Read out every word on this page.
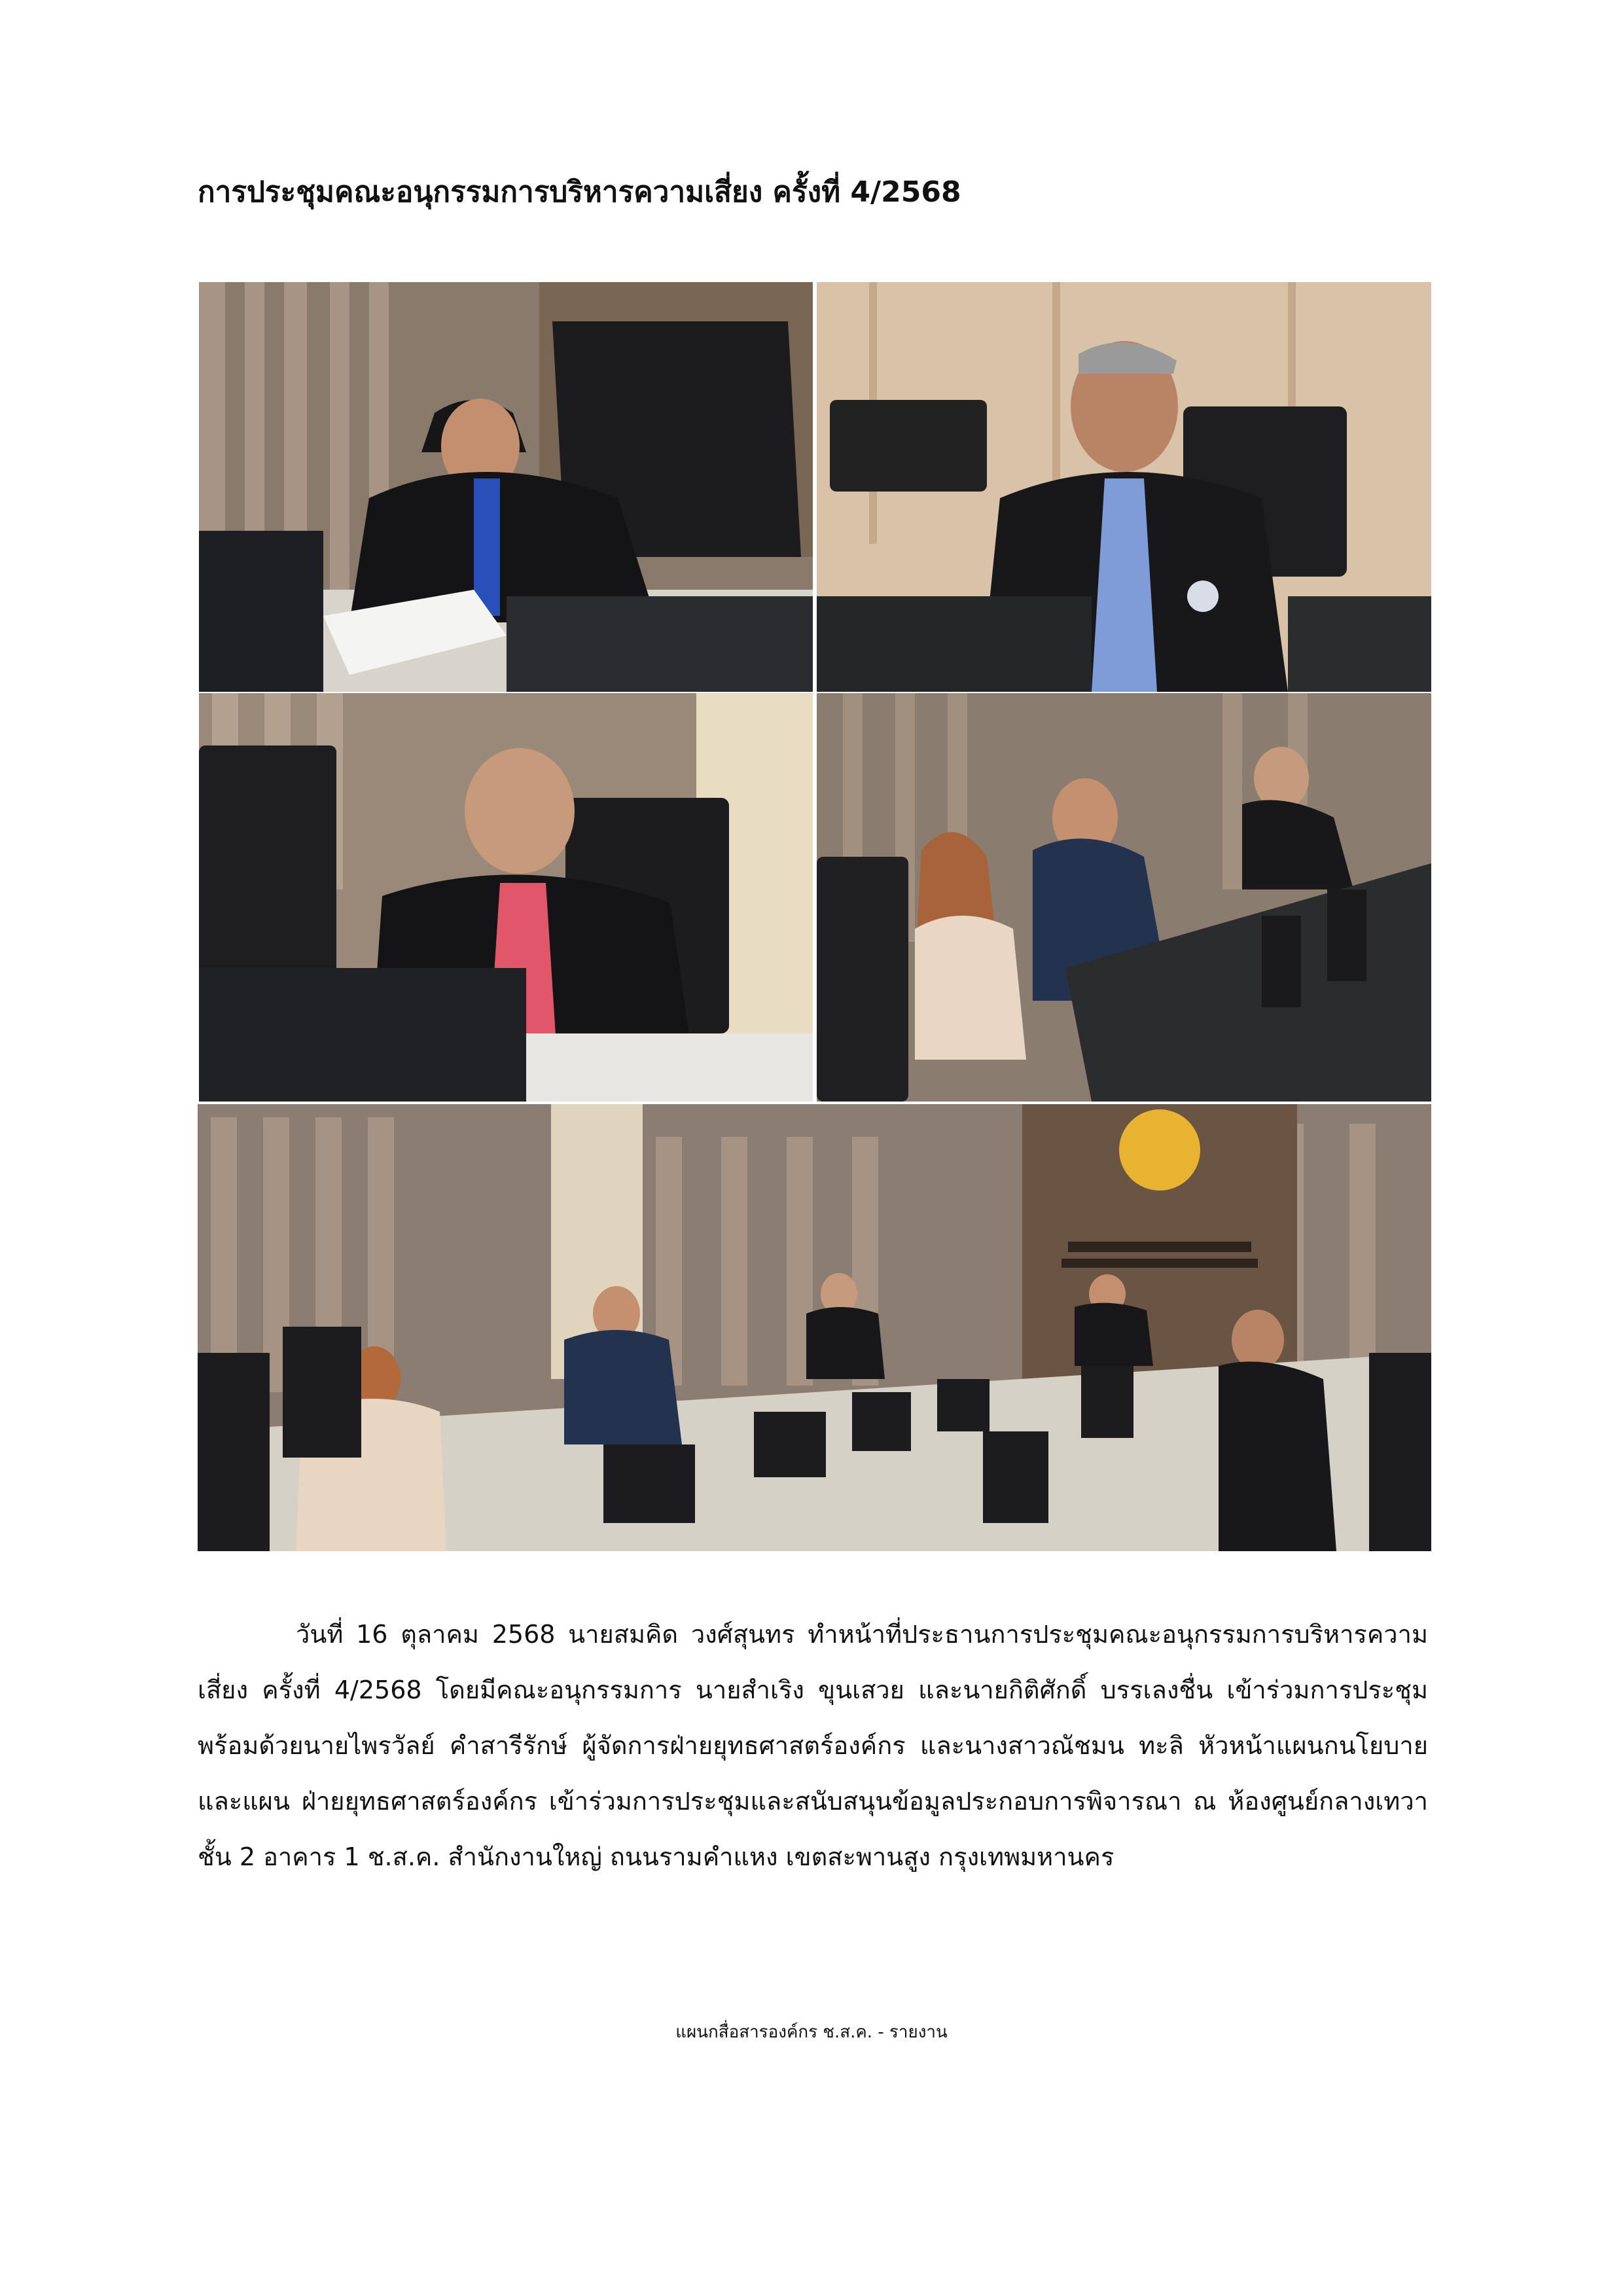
การประชุมคณะอนุกรรมการบริหารความเสี่ยง ครั้งที่ 4/2568
วันที่ 16 ตุลาคม 2568 นายสมคิด วงศ์สุนทร ทำหน้าที่ประธานการประชุมคณะอนุกรรมการบริหารความเสี่ยง ครั้งที่ 4/2568 โดยมีคณะอนุกรรมการ นายสำเริง ขุนเสวย และนายกิติศักดิ์ บรรเลงชื่น เข้าร่วมการประชุม พร้อมด้วยนายไพรวัลย์ คำสารีรักษ์ ผู้จัดการฝ่ายยุทธศาสตร์องค์กร และนางสาวณัชมน ทะลิ หัวหน้าแผนกนโยบายและแผน ฝ่ายยุทธศาสตร์องค์กร เข้าร่วมการประชุมและสนับสนุนข้อมูลประกอบการพิจารณา ณ ห้องศูนย์กลางเทวา ชั้น 2 อาคาร 1 ช.ส.ค. สำนักงานใหญ่ ถนนรามคำแหง เขตสะพานสูง กรุงเทพมหานคร
แผนกสื่อสารองค์กร ช.ส.ค. - รายงาน
